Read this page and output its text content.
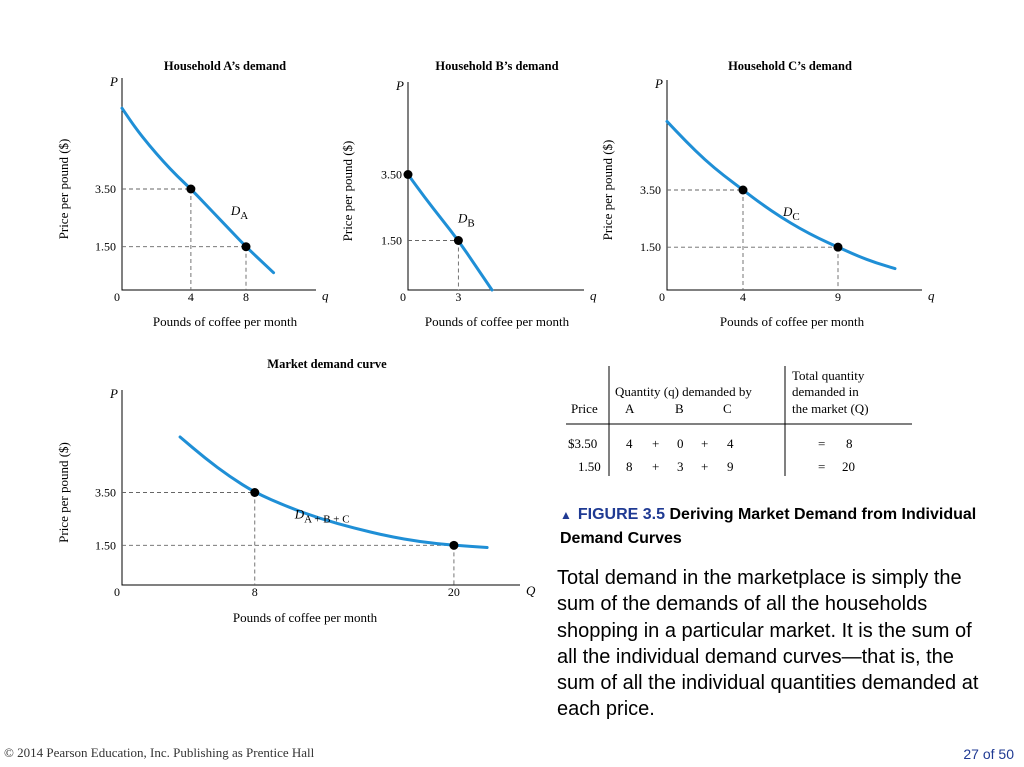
Household A’s demand
P
q
0
Price per pound ($)
Pounds of coffee per month
3.50
1.50
4	8
$D_A$
Household B’s demand
P
q
0
Price per pound ($)
Pounds of coffee per month
3.50
1.50
3
$D_B$
Household C’s demand
P
q
0
Price per pound ($)
Pounds of coffee per month
3.50
1.50
4	9
$D_C$
Market demand curve
P
Q
0
Price per pound ($)
Pounds of coffee per month
3.50
1.50
8	20
$D_{A + B + C}$
Quantity (q) demanded by
Total quantity
demanded in
the market (Q)
Price A	B	C
$3.50 4 + 0 + 4	= 8
1.50 8 + 3 + 9	= 20
▲ FIGURE 3.5 Deriving Market Demand from Individual Demand Curves
Total demand in the marketplace is simply the sum of the demands of all the households shopping in a particular market. It is the sum of all the individual demand curves—that is, the sum of all the individual quantities demanded at each price.
© 2014 Pearson Education, Inc. Publishing as Prentice Hall	27 of 50
